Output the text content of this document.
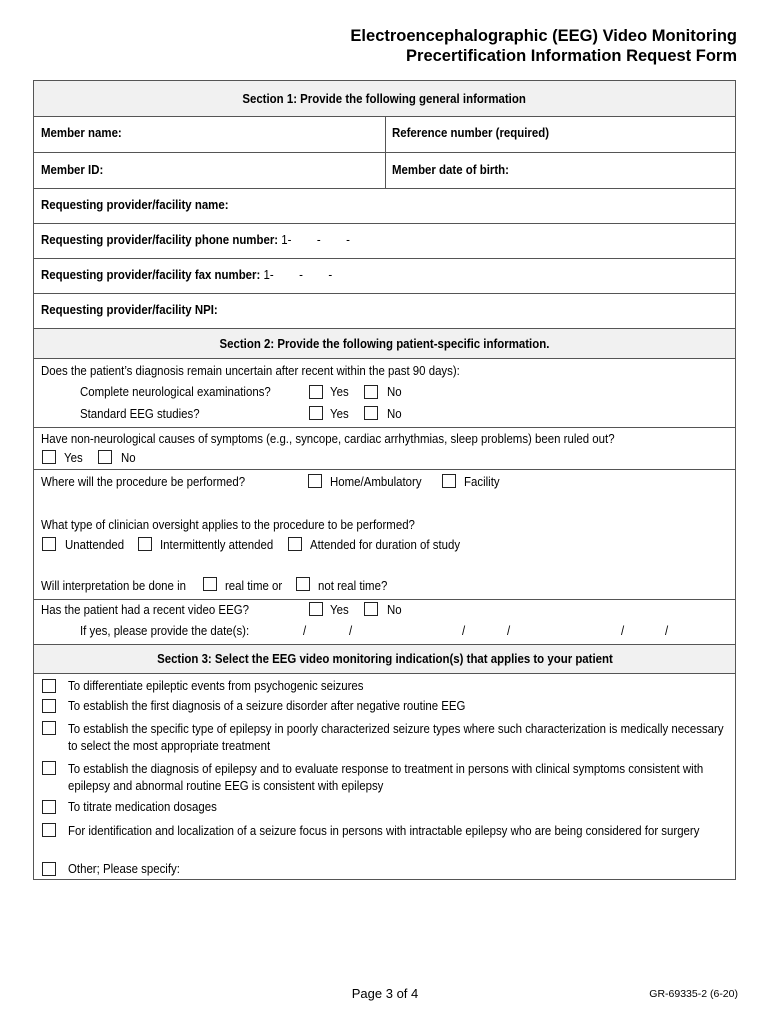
Electroencephalographic (EEG) Video Monitoring
Precertification Information Request Form
Section 1: Provide the following general information
Member name:	Reference number (required)
Member ID:	Member date of birth:
Requesting provider/facility name:
Requesting provider/facility phone number: 1-        -        -
Requesting provider/facility fax number: 1-        -        -
Requesting provider/facility NPI:
Section 2: Provide the following patient-specific information.
Does the patient’s diagnosis remain uncertain after recent within the past 90 days):
Complete neurological examinations?	Yes	No
Standard EEG studies?	Yes	No
Have non-neurological causes of symptoms (e.g., syncope, cardiac arrhythmias, sleep problems) been ruled out?
Yes	No
Where will the procedure be performed?	Home/Ambulatory	Facility
What type of clinician oversight applies to the procedure to be performed?
Unattended	Intermittently attended	Attended for duration of study
Will interpretation be done in	real time or	not real time?
Has the patient had a recent video EEG?	Yes	No
If yes, please provide the date(s):	/	/	/	/	/	/
Section 3: Select the EEG video monitoring indication(s) that applies to your patient
To differentiate epileptic events from psychogenic seizures
To establish the first diagnosis of a seizure disorder after negative routine EEG
To establish the specific type of epilepsy in poorly characterized seizure types where such characterization is medically necessary to select the most appropriate treatment
To establish the diagnosis of epilepsy and to evaluate response to treatment in persons with clinical symptoms consistent with epilepsy and abnormal routine EEG is consistent with epilepsy
To titrate medication dosages
For identification and localization of a seizure focus in persons with intractable epilepsy who are being considered for surgery
Other; Please specify:
Page 3 of 4	GR-69335-2 (6-20)
